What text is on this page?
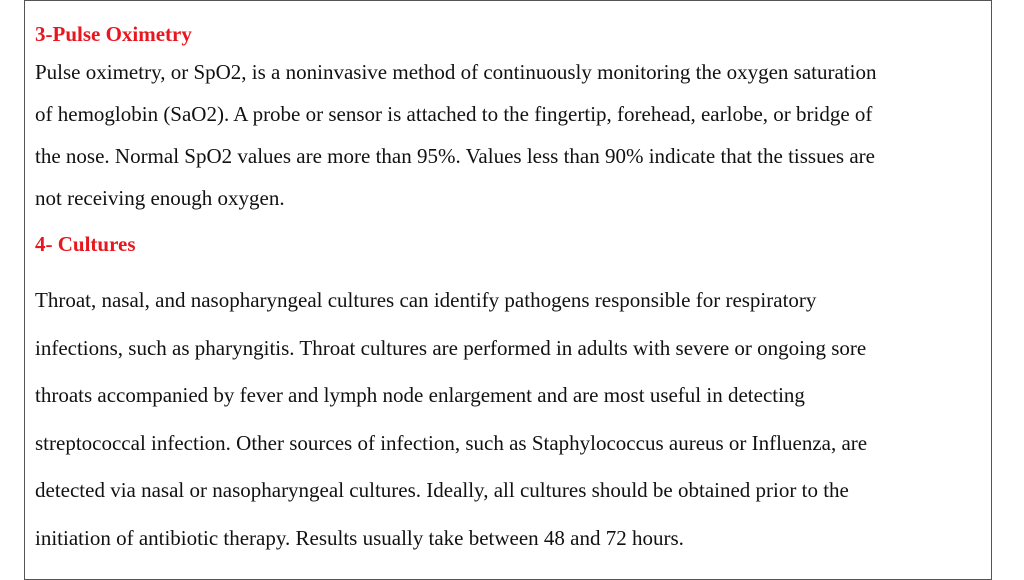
3-Pulse Oximetry
Pulse oximetry, or SpO2, is a noninvasive method of continuously monitoring the oxygen saturation
of hemoglobin (SaO2). A probe or sensor is attached to the fingertip, forehead, earlobe, or bridge of
the nose. Normal SpO2 values are more than 95%. Values less than 90% indicate that the tissues are
not receiving enough oxygen.
4- Cultures
Throat, nasal, and nasopharyngeal cultures can identify pathogens responsible for respiratory
infections, such as pharyngitis. Throat cultures are performed in adults with severe or ongoing sore
throats accompanied by fever and lymph node enlargement and are most useful in detecting
streptococcal infection. Other sources of infection, such as Staphylococcus aureus or Influenza, are
detected via nasal or nasopharyngeal cultures. Ideally, all cultures should be obtained prior to the
initiation of antibiotic therapy. Results usually take between 48 and 72 hours.
